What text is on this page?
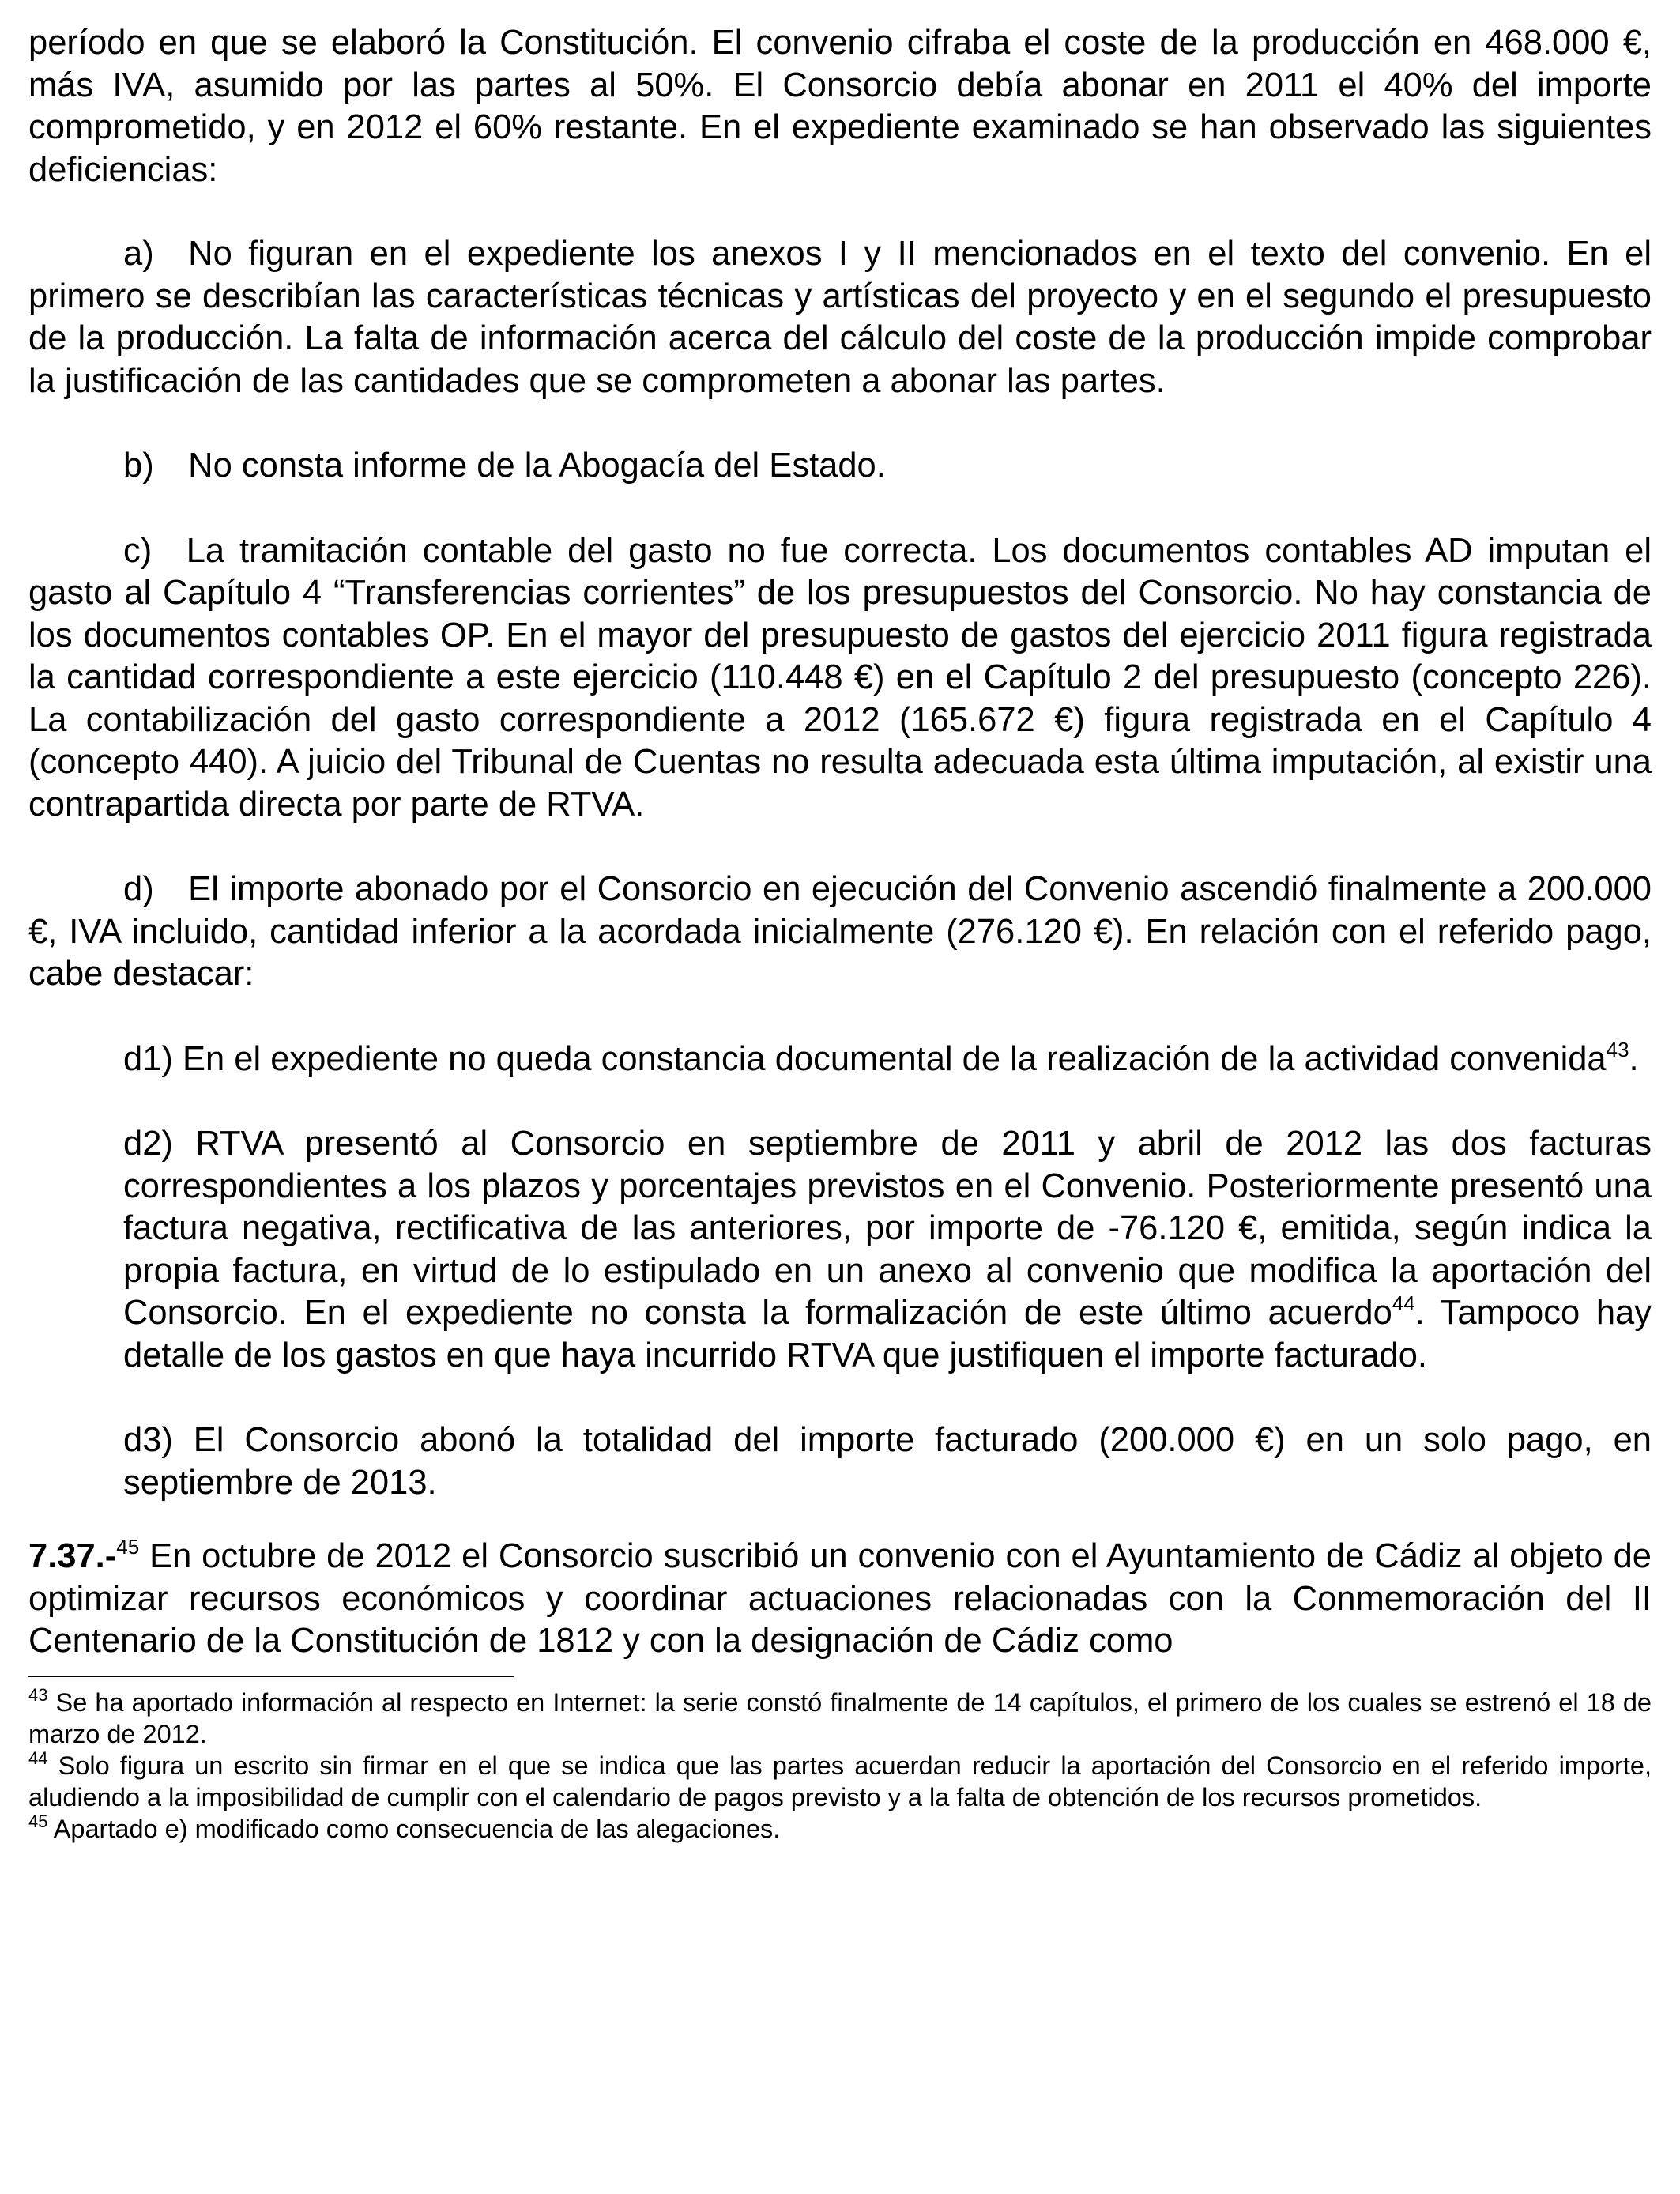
período en que se elaboró la Constitución. El convenio cifraba el coste de la producción en 468.000 €, más IVA, asumido por las partes al 50%. El Consorcio debía abonar en 2011 el 40% del importe comprometido, y en 2012 el 60% restante. En el expediente examinado se han observado las siguientes deficiencias:

a)  No figuran en el expediente los anexos I y II mencionados en el texto del convenio. En el primero se describían las características técnicas y artísticas del proyecto y en el segundo el presupuesto de la producción. La falta de información acerca del cálculo del coste de la producción impide comprobar la justificación de las cantidades que se comprometen a abonar las partes.

b)  No consta informe de la Abogacía del Estado.

c)  La tramitación contable del gasto no fue correcta. Los documentos contables AD imputan el gasto al Capítulo 4 “Transferencias corrientes” de los presupuestos del Consorcio. No hay constancia de los documentos contables OP. En el mayor del presupuesto de gastos del ejercicio 2011 figura registrada la cantidad correspondiente a este ejercicio (110.448 €) en el Capítulo 2 del presupuesto (concepto 226). La contabilización del gasto correspondiente a 2012 (165.672 €) figura registrada en el Capítulo 4 (concepto 440). A juicio del Tribunal de Cuentas no resulta adecuada esta última imputación, al existir una contrapartida directa por parte de RTVA.

d)  El importe abonado por el Consorcio en ejecución del Convenio ascendió finalmente a 200.000 €, IVA incluido, cantidad inferior a la acordada inicialmente (276.120 €). En relación con el referido pago, cabe destacar:

d1) En el expediente no queda constancia documental de la realización de la actividad convenida$^{43}$.

d2) RTVA presentó al Consorcio en septiembre de 2011 y abril de 2012 las dos facturas correspondientes a los plazos y porcentajes previstos en el Convenio. Posteriormente presentó una factura negativa, rectificativa de las anteriores, por importe de -76.120 €, emitida, según indica la propia factura, en virtud de lo estipulado en un anexo al convenio que modifica la aportación del Consorcio. En el expediente no consta la formalización de este último acuerdo$^{44}$. Tampoco hay detalle de los gastos en que haya incurrido RTVA que justifiquen el importe facturado.

d3) El Consorcio abonó la totalidad del importe facturado (200.000 €) en un solo pago, en septiembre de 2013.

7.37.-$^{45}$ En octubre de 2012 el Consorcio suscribió un convenio con el Ayuntamiento de Cádiz al objeto de optimizar recursos económicos y coordinar actuaciones relacionadas con la Conmemoración del II Centenario de la Constitución de 1812 y con la designación de Cádiz como

$^{43}$ Se ha aportado información al respecto en Internet: la serie constó finalmente de 14 capítulos, el primero de los cuales se estrenó el 18 de marzo de 2012.

$^{44}$ Solo figura un escrito sin firmar en el que se indica que las partes acuerdan reducir la aportación del Consorcio en el referido importe, aludiendo a la imposibilidad de cumplir con el calendario de pagos previsto y a la falta de obtención de los recursos prometidos.

$^{45}$ Apartado e) modificado como consecuencia de las alegaciones.
